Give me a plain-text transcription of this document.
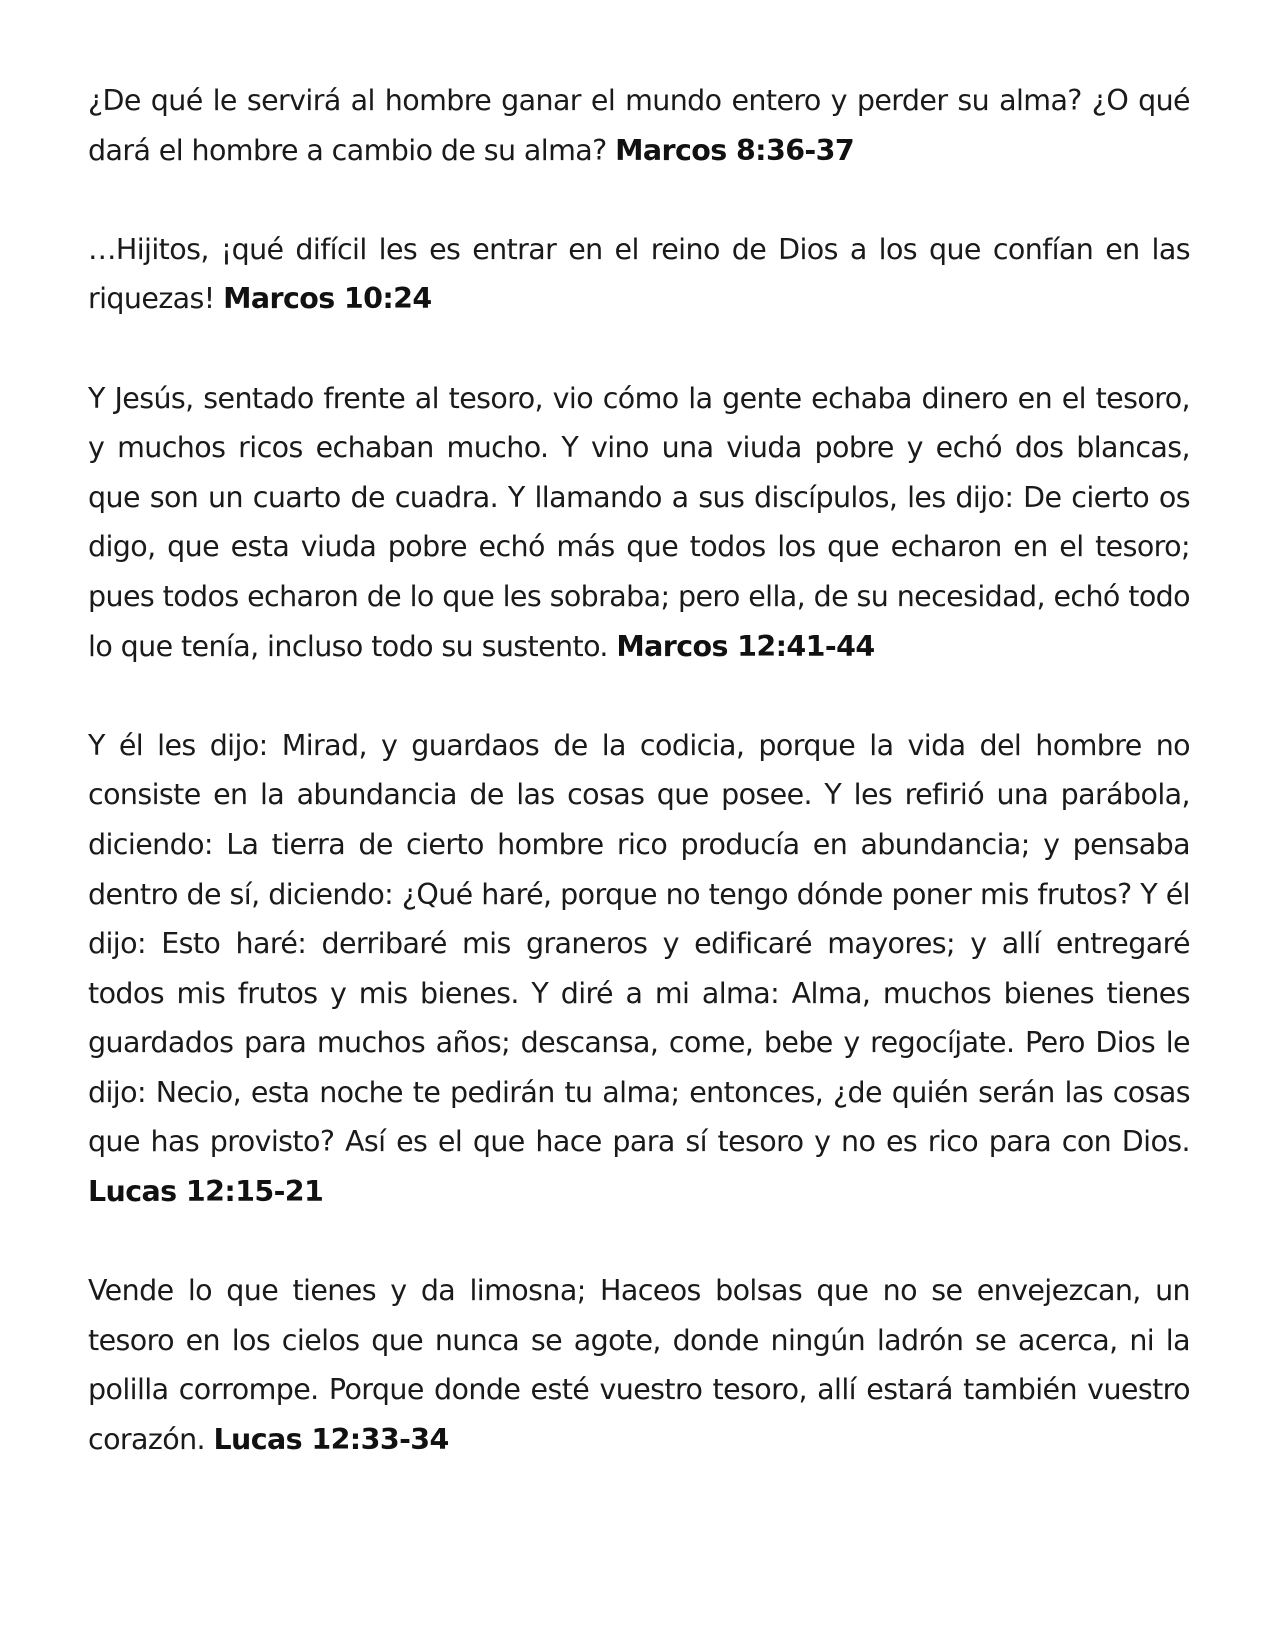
¿De qué le servirá al hombre ganar el mundo entero y perder su alma? ¿O qué dará el hombre a cambio de su alma? Marcos 8:36-37

…Hijitos, ¡qué difícil les es entrar en el reino de Dios a los que confían en las riquezas! Marcos 10:24

Y Jesús, sentado frente al tesoro, vio cómo la gente echaba dinero en el tesoro, y muchos ricos echaban mucho. Y vino una viuda pobre y echó dos blancas, que son un cuarto de cuadra. Y llamando a sus discípulos, les dijo: De cierto os digo, que esta viuda pobre echó más que todos los que echaron en el tesoro; pues todos echaron de lo que les sobraba; pero ella, de su necesidad, echó todo lo que tenía, incluso todo su sustento. Marcos 12:41-44

Y él les dijo: Mirad, y guardaos de la codicia, porque la vida del hombre no consiste en la abundancia de las cosas que posee. Y les refirió una parábola, diciendo: La tierra de cierto hombre rico producía en abundancia; y pensaba dentro de sí, diciendo: ¿Qué haré, porque no tengo dónde poner mis frutos? Y él dijo: Esto haré: derribaré mis graneros y edificaré mayores; y allí entregaré todos mis frutos y mis bienes. Y diré a mi alma: Alma, muchos bienes tienes guardados para muchos años; descansa, come, bebe y regocíjate. Pero Dios le dijo: Necio, esta noche te pedirán tu alma; entonces, ¿de quién serán las cosas que has provisto? Así es el que hace para sí tesoro y no es rico para con Dios. Lucas 12:15-21

Vende lo que tienes y da limosna; Haceos bolsas que no se envejezcan, un tesoro en los cielos que nunca se agote, donde ningún ladrón se acerca, ni la polilla corrompe. Porque donde esté vuestro tesoro, allí estará también vuestro corazón. Lucas 12:33-34
